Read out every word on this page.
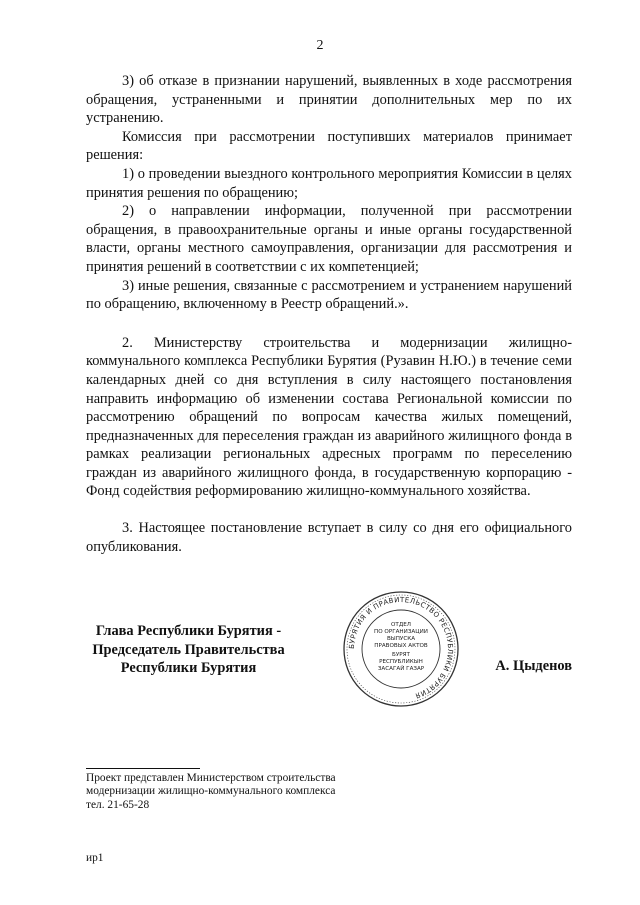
2

3) об отказе в признании нарушений, выявленных в ходе рассмотрения обращения, устраненными и принятии дополнительных мер по их устранению.

Комиссия при рассмотрении поступивших материалов принимает решения:

1) о проведении выездного контрольного мероприятия Комиссии в целях принятия решения по обращению;

2) о направлении информации, полученной при рассмотрении обращения, в правоохранительные органы и иные органы государственной власти, органы местного самоуправления, организации для рассмотрения и принятия решений в соответствии с их компетенцией;

3) иные решения, связанные с рассмотрением и устранением нарушений по обращению, включенному в Реестр обращений.».

2. Министерству строительства и модернизации жилищно-коммунального комплекса Республики Бурятия (Рузавин Н.Ю.) в течение семи календарных дней со дня вступления в силу настоящего постановления направить информацию об изменении состава Региональной комиссии по рассмотрению обращений по вопросам качества жилых помещений, предназначенных для переселения граждан из аварийного жилищного фонда в рамках реализации региональных адресных программ по переселению граждан из аварийного жилищного фонда, в государственную корпорацию - Фонд содействия реформированию жилищно-коммунального хозяйства.

3. Настоящее постановление вступает в силу со дня его официального опубликования.

Глава Республики Бурятия -
Председатель Правительства
Республики Бурятия
БУРЯТИЯ И ПРАВИТЕЛЬСТВО РЕСПУБЛИКИ БУРЯТИЯ
ОТДЕЛ
ПО ОРГАНИЗАЦИИ
ВЫПУСКА
ПРАВОВЫХ АКТОВ
БУРЯТ
РЕСПУБЛИКЫН
ЗАСАГАЙ ГАЗАР	А. Цыденов
Проект представлен Министерством строительства
модернизации жилищно-коммунального комплекса
тел. 21-65-28
ир1
